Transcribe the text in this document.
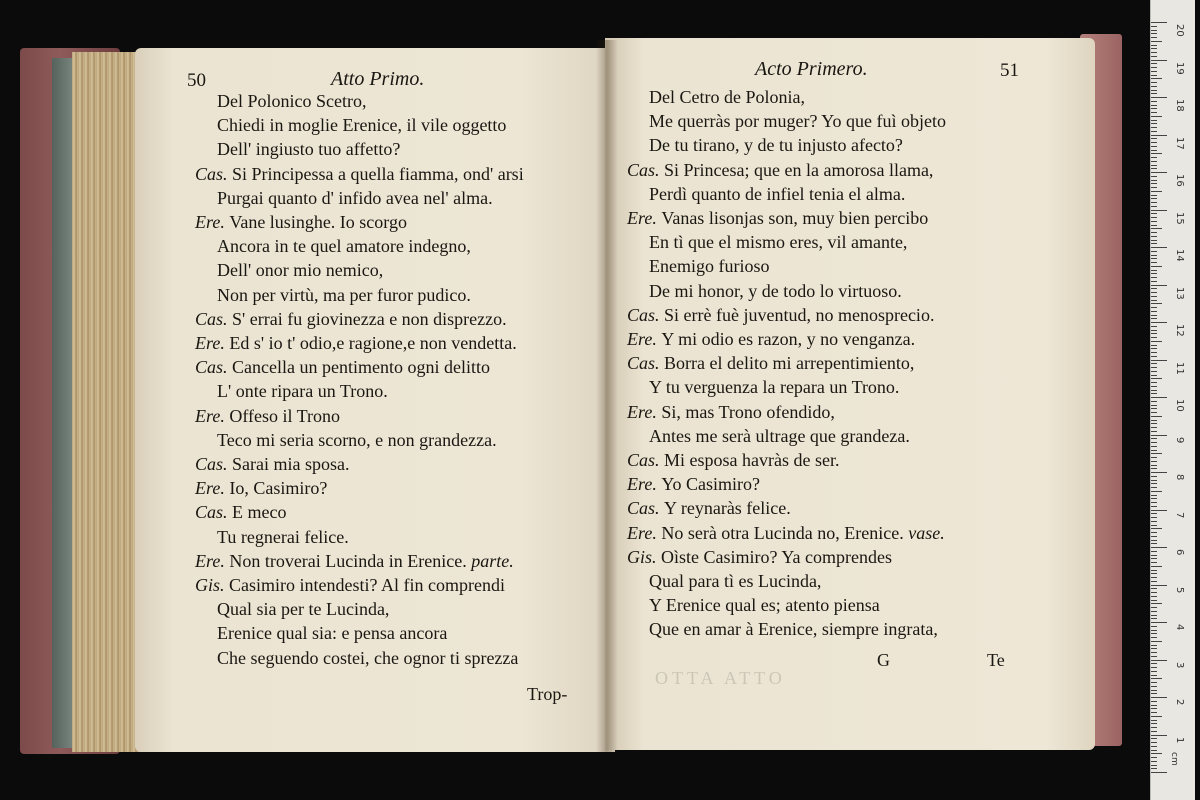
50	Atto Primo.
Del Polonico Scetro,
Chiedi in moglie Erenice, il vile oggetto
Dell' ingiusto tuo affetto?
Cas. Si Principessa a quella fiamma, ond' arsi
Purgai quanto d' infido avea nel' alma.
Ere. Vane lusinghe. Io scorgo
Ancora in te quel amatore indegno,
Dell' onor mio nemico,
Non per virtù, ma per furor pudico.
Cas. S' errai fu giovinezza e non disprezzo.
Ere. Ed s' io t' odio,e ragione,e non vendetta.
Cas. Cancella un pentimento ogni delitto
L' onte ripara un Trono.
Ere. Offeso il Trono
Teco mi seria scorno, e non grandezza.
Cas. Sarai mia sposa.
Ere. Io, Casimiro?
Cas. E meco
Tu regnerai felice.
Ere. Non troverai Lucinda in Erenice. parte.
Gis. Casimiro intendesti? Al fin comprendi
Qual sia per te Lucinda,
Erenice qual sia: e pensa ancora
Che seguendo costei, che ognor ti sprezza
Trop-
OTTA ATTO
Acto Primero.	51
Del Cetro de Polonia,
Me querràs por muger? Yo que fuì objeto
De tu tirano, y de tu injusto afecto?
Cas. Si Princesa; que en la amorosa llama,
Perdì quanto de infiel tenia el alma.
Ere. Vanas lisonjas son, muy bien percibo
En tì que el mismo eres, vil amante,
Enemigo furioso
De mi honor, y de todo lo virtuoso.
Cas. Si errè fuè juventud, no menosprecio.
Ere. Y mi odio es razon, y no venganza.
Cas. Borra el delito mi arrepentimiento,
Y tu verguenza la repara un Trono.
Ere. Si, mas Trono ofendido,
Antes me serà ultrage que grandeza.
Cas. Mi esposa havràs de ser.
Ere. Yo Casimiro?
Cas. Y reynaràs felice.
Ere. No serà otra Lucinda no, Erenice. vase.
Gis. Oìste Casimiro? Ya comprendes
Qual para tì es Lucinda,
Y Erenice qual es; atento piensa
Que en amar à Erenice, siempre ingrata,
G	Te
cm
20
19
18
17
16
15
14
13
12
11
10
9
8
7
6
5
4
3
2
1
